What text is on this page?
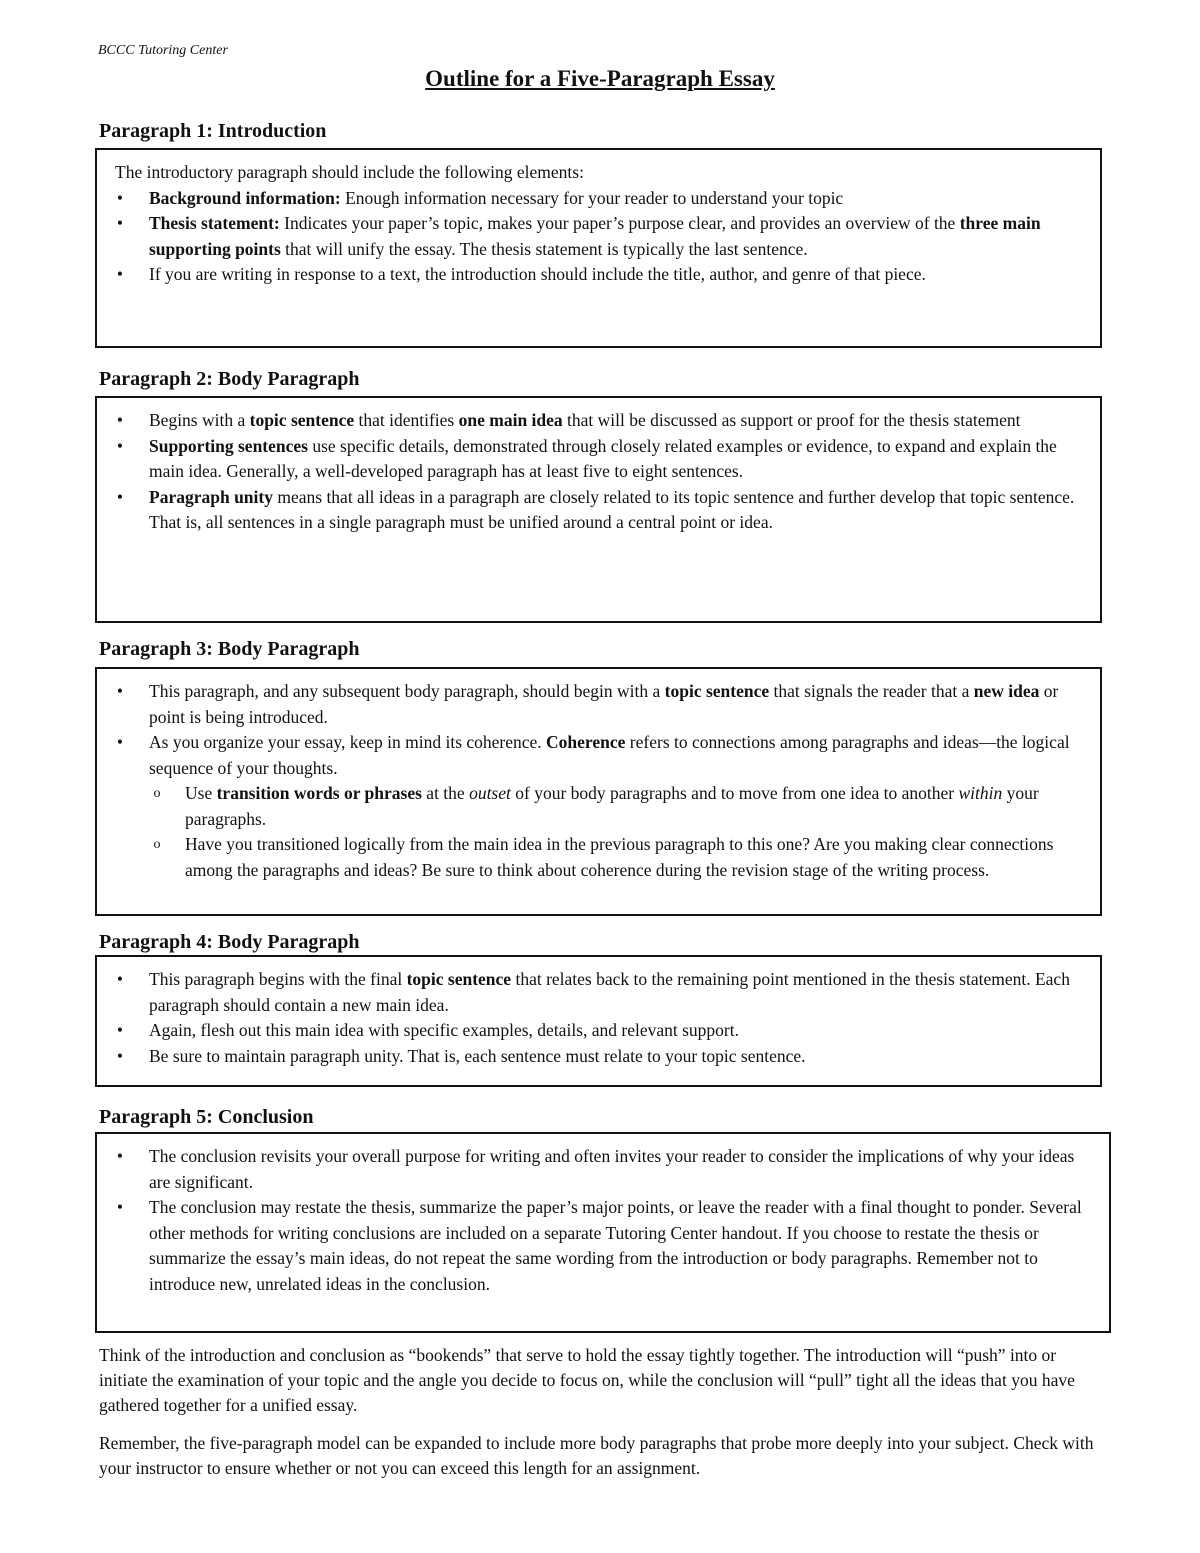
BCCC Tutoring Center
Outline for a Five-Paragraph Essay
Paragraph 1: Introduction

The introductory paragraph should include the following elements:

• Background information: Enough information necessary for your reader to understand your topic
• Thesis statement: Indicates your paper’s topic, makes your paper’s purpose clear, and provides an overview of the three main supporting points that will unify the essay. The thesis statement is typically the last sentence.
• If you are writing in response to a text, the introduction should include the title, author, and genre of that piece.
Paragraph 2: Body Paragraph
• Begins with a topic sentence that identifies one main idea that will be discussed as support or proof for the thesis statement
• Supporting sentences use specific details, demonstrated through closely related examples or evidence, to expand and explain the main idea. Generally, a well-developed paragraph has at least five to eight sentences.
• Paragraph unity means that all ideas in a paragraph are closely related to its topic sentence and further develop that topic sentence. That is, all sentences in a single paragraph must be unified around a central point or idea.
Paragraph 3: Body Paragraph
• This paragraph, and any subsequent body paragraph, should begin with a topic sentence that signals the reader that a new idea or point is being introduced.
• As you organize your essay, keep in mind its coherence. Coherence refers to connections among paragraphs and ideas—the logical sequence of your thoughts.
o Use transition words or phrases at the outset of your body paragraphs and to move from one idea to another within your paragraphs.
o Have you transitioned logically from the main idea in the previous paragraph to this one? Are you making clear connections among the paragraphs and ideas? Be sure to think about coherence during the revision stage of the writing process.
Paragraph 4: Body Paragraph
• This paragraph begins with the final topic sentence that relates back to the remaining point mentioned in the thesis statement. Each paragraph should contain a new main idea.
• Again, flesh out this main idea with specific examples, details, and relevant support.
• Be sure to maintain paragraph unity. That is, each sentence must relate to your topic sentence.
Paragraph 5: Conclusion
• The conclusion revisits your overall purpose for writing and often invites your reader to consider the implications of why your ideas are significant.
• The conclusion may restate the thesis, summarize the paper’s major points, or leave the reader with a final thought to ponder. Several other methods for writing conclusions are included on a separate Tutoring Center handout. If you choose to restate the thesis or summarize the essay’s main ideas, do not repeat the same wording from the introduction or body paragraphs. Remember not to introduce new, unrelated ideas in the conclusion.

Think of the introduction and conclusion as “bookends” that serve to hold the essay tightly together. The introduction will “push” into or initiate the examination of your topic and the angle you decide to focus on, while the conclusion will “pull” tight all the ideas that you have gathered together for a unified essay.

Remember, the five-paragraph model can be expanded to include more body paragraphs that probe more deeply into your subject. Check with your instructor to ensure whether or not you can exceed this length for an assignment.
